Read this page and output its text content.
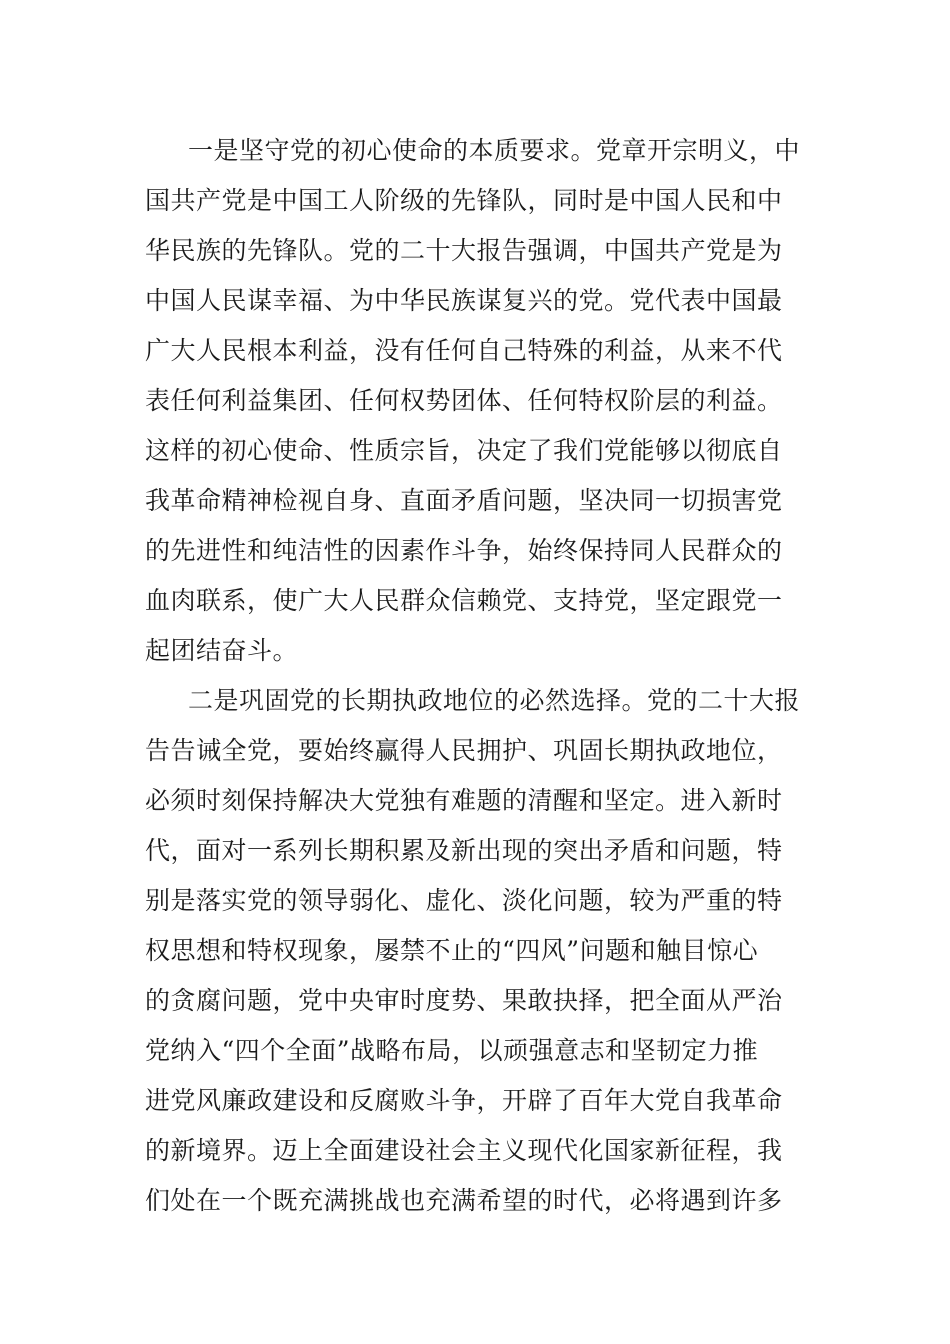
一是坚守党的初心使命的本质要求。党章开宗明义，中
国共产党是中国工人阶级的先锋队，同时是中国人民和中
华民族的先锋队。党的二十大报告强调，中国共产党是为
中国人民谋幸福、为中华民族谋复兴的党。党代表中国最
广大人民根本利益，没有任何自己特殊的利益，从来不代
表任何利益集团、任何权势团体、任何特权阶层的利益。
这样的初心使命、性质宗旨，决定了我们党能够以彻底自
我革命精神检视自身、直面矛盾问题，坚决同一切损害党
的先进性和纯洁性的因素作斗争，始终保持同人民群众的
血肉联系，使广大人民群众信赖党、支持党，坚定跟党一
起团结奋斗。
二是巩固党的长期执政地位的必然选择。党的二十大报
告告诫全党，要始终赢得人民拥护、巩固长期执政地位，
必须时刻保持解决大党独有难题的清醒和坚定。进入新时
代，面对一系列长期积累及新出现的突出矛盾和问题，特
别是落实党的领导弱化、虚化、淡化问题，较为严重的特
权思想和特权现象，屡禁不止的“四风”问题和触目惊心
的贪腐问题，党中央审时度势、果敢抉择，把全面从严治
党纳入“四个全面”战略布局，以顽强意志和坚韧定力推
进党风廉政建设和反腐败斗争，开辟了百年大党自我革命
的新境界。迈上全面建设社会主义现代化国家新征程，我
们处在一个既充满挑战也充满希望的时代，必将遇到许多
